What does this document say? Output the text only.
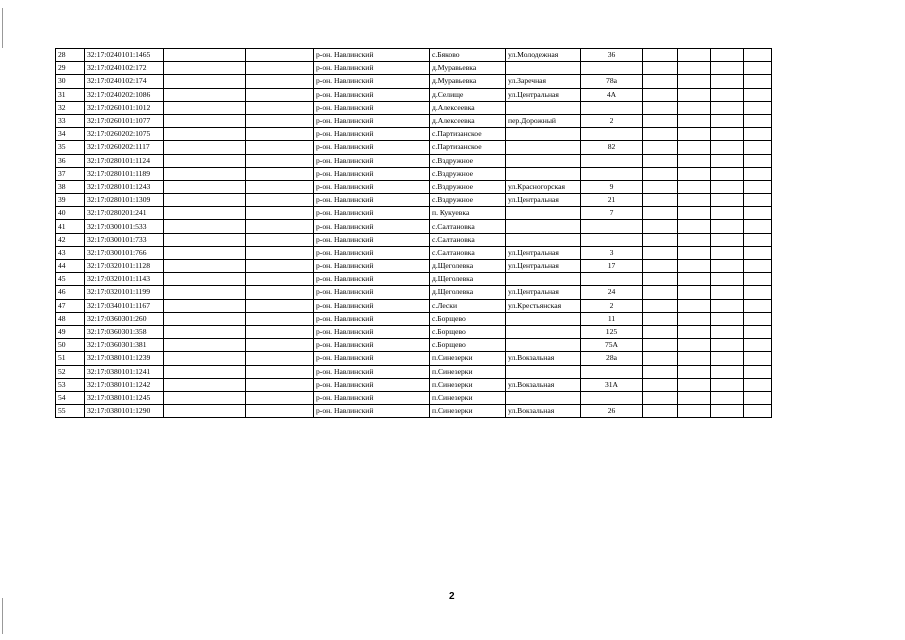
28	32:17:0240101:1465			р-он. Навлинский	с.Бяково	ул.Молодежная	36				
29	32:17:0240102:172			р-он. Навлинский	д.Муравьевка						
30	32:17:0240102:174			р-он. Навлинский	д.Муравьевка	ул.Заречная	78а				
31	32:17:0240202:1086			р-он. Навлинский	д.Селище	ул.Центральная	4А				
32	32:17:0260101:1012			р-он. Навлинский	д.Алексеевка						
33	32:17:0260101:1077			р-он. Навлинский	д.Алексеевка	пер.Дорожный	2				
34	32:17:0260202:1075			р-он. Навлинский	с.Партизанское						
35	32:17:0260202:1117			р-он. Навлинский	с.Партизанское		82				
36	32:17:0280101:1124			р-он. Навлинский	с.Вздружное						
37	32:17:0280101:1189			р-он. Навлинский	с.Вздружное						
38	32:17:0280101:1243			р-он. Навлинский	с.Вздружное	ул.Красногорская	9				
39	32:17:0280101:1309			р-он. Навлинский	с.Вздружное	ул.Центральная	21				
40	32:17:0280201:241			р-он. Навлинский	п. Кукуевка		7				
41	32:17:0300101:533			р-он. Навлинский	с.Салтановка						
42	32:17:0300101:733			р-он. Навлинский	с.Салтановка						
43	32:17:0300101:766			р-он. Навлинский	с.Салтановка	ул.Центральная	3				
44	32:17:0320101:1128			р-он. Навлинский	д.Щеголевка	ул.Центральная	17				
45	32:17:0320101:1143			р-он. Навлинский	д.Щеголевка						
46	32:17:0320101:1199			р-он. Навлинский	д.Щеголевка	ул.Центральная	24				
47	32:17:0340101:1167			р-он. Навлинский	с.Лески	ул.Крестьянская	2				
48	32:17:0360301:260			р-он. Навлинский	с.Борщево		11				
49	32:17:0360301:358			р-он. Навлинский	с.Борщево		125				
50	32:17:0360301:381			р-он. Навлинский	с.Борщево		75А				
51	32:17:0380101:1239			р-он. Навлинский	п.Синезерки	ул.Вокзальная	28а				
52	32:17:0380101:1241			р-он. Навлинский	п.Синезерки						
53	32:17:0380101:1242			р-он. Навлинский	п.Синезерки	ул.Вокзальная	31А				
54	32:17:0380101:1245			р-он. Навлинский	п.Синезерки						
55	32:17:0380101:1290			р-он. Навлинский	п.Синезерки	ул.Вокзальная	26				
2
